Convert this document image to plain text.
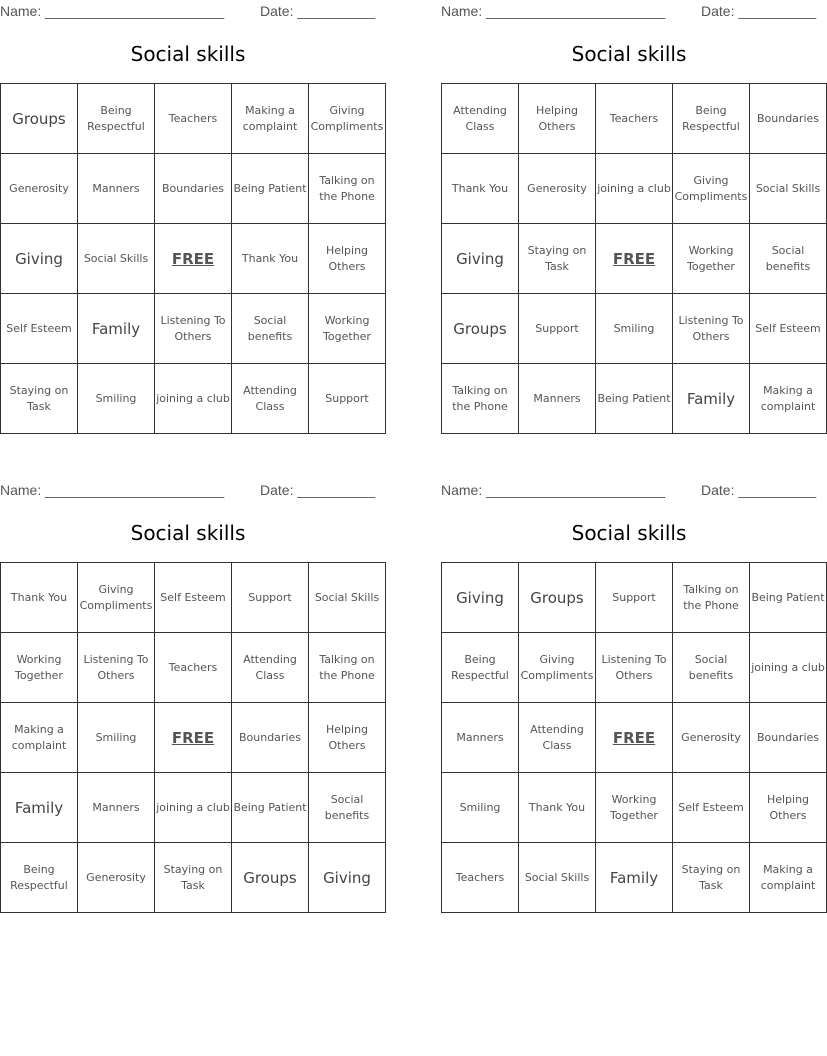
Name: _______________________	Date: __________
Social skills
Groups	Being Respectful	Teachers	Making a complaint	Giving Compliments
Generosity	Manners	Boundaries	Being Patient	Talking on the Phone
Giving	Social Skills	FREE	Thank You	Helping Others
Self Esteem	Family	Listening To Others	Social benefits	Working Together
Staying on Task	Smiling	joining a club	Attending Class	Support
Name: _______________________	Date: __________
Social skills
Attending Class	Helping Others	Teachers	Being Respectful	Boundaries
Thank You	Generosity	joining a club	Giving Compliments	Social Skills
Giving	Staying on Task	FREE	Working Together	Social benefits
Groups	Support	Smiling	Listening To Others	Self Esteem
Talking on the Phone	Manners	Being Patient	Family	Making a complaint
Name: _______________________	Date: __________
Social skills
Thank You	Giving Compliments	Self Esteem	Support	Social Skills
Working Together	Listening To Others	Teachers	Attending Class	Talking on the Phone
Making a complaint	Smiling	FREE	Boundaries	Helping Others
Family	Manners	joining a club	Being Patient	Social benefits
Being Respectful	Generosity	Staying on Task	Groups	Giving
Name: _______________________	Date: __________
Social skills
Giving	Groups	Support	Talking on the Phone	Being Patient
Being Respectful	Giving Compliments	Listening To Others	Social benefits	joining a club
Manners	Attending Class	FREE	Generosity	Boundaries
Smiling	Thank You	Working Together	Self Esteem	Helping Others
Teachers	Social Skills	Family	Staying on Task	Making a complaint
